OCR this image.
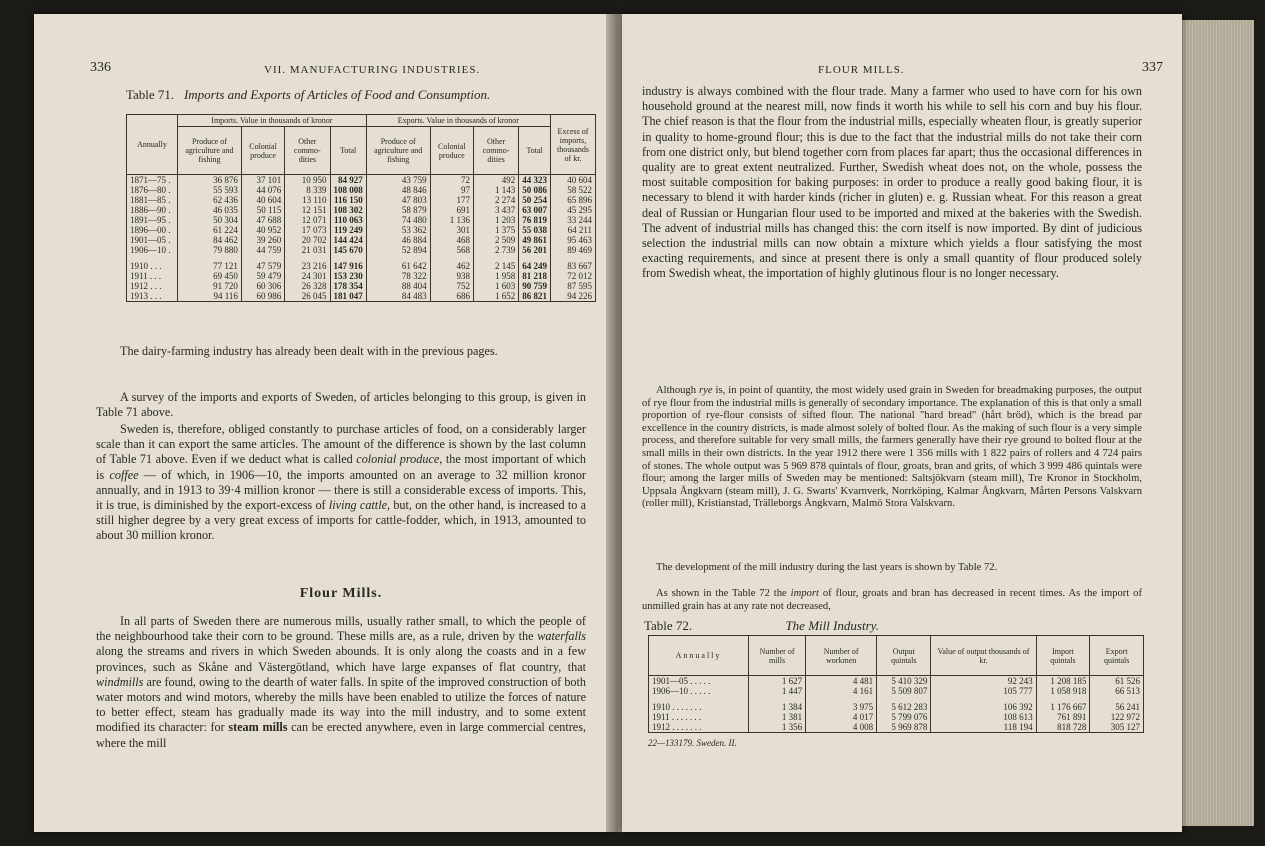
336	VII. MANUFACTURING INDUSTRIES.
Table 71. Imports and Exports of Articles of Food and Consumption.
Annually	Imports. Value in thousands of kronor				Exports. Value in thousands of kronor				Excess of imports, thousands of kr.
	Produce of agriculture and fishing	Colonial produce	Other commodities	Total	Produce of agriculture and fishing	Colonial produce	Other commodities	Total	
1871—75 .	36 876	37 101	10 950	84 927	43 759	72	492	44 323	40 604
1876—80 .	55 593	44 076	8 339	108 008	48 846	97	1 143	50 086	58 522
1881—85 .	62 436	40 604	13 110	116 150	47 803	177	2 274	50 254	65 896
1886—90 .	46 035	50 115	12 151	108 302	58 879	691	3 437	63 007	45 295
1891—95 .	50 304	47 688	12 071	110 063	74 480	1 136	1 203	76 819	33 244
1896—00 .	61 224	40 952	17 073	119 249	53 362	301	1 375	55 038	64 211
1901—05 .	84 462	39 260	20 702	144 424	46 884	468	2 509	49 861	95 463
1906—10 .	79 880	44 759	21 031	145 670	52 894	568	2 739	56 201	89 469

1910 . . .	77 121	47 579	23 216	147 916	61 642	462	2 145	64 249	83 667
1911 . . .	69 450	59 479	24 301	153 230	78 322	938	1 958	81 218	72 012
1912 . . .	91 720	60 306	26 328	178 354	88 404	752	1 603	90 759	87 595
1913 . . .	94 116	60 986	26 045	181 047	84 483	686	1 652	86 821	94 226
The dairy-farming industry has already been dealt with in the previous pages.
A survey of the imports and exports of Sweden, of articles belonging to this group, is given in Table 71 above.
Sweden is, therefore, obliged constantly to purchase articles of food, on a considerably larger scale than it can export the same articles. The amount of the difference is shown by the last column of Table 71 above. Even if we deduct what is called colonial produce, the most important of which is coffee — of which, in 1906—10, the imports amounted on an average to 32 million kronor annually, and in 1913 to 39·4 million kronor — there is still a considerable excess of imports. This, it is true, is diminished by the export-excess of living cattle, but, on the other hand, is increased to a still higher degree by a very great excess of imports for cattle-fodder, which, in 1913, amounted to about 30 million kronor.
Flour Mills.
In all parts of Sweden there are numerous mills, usually rather small, to which the people of the neighbourhood take their corn to be ground. These mills are, as a rule, driven by the waterfalls along the streams and rivers in which Sweden abounds. It is only along the coasts and in a few provinces, such as Skåne and Västergötland, which have large expanses of flat country, that windmills are found, owing to the dearth of water falls. In spite of the improved construction of both water motors and wind motors, whereby the mills have been enabled to utilize the forces of nature to better effect, steam has gradually made its way into the mill industry, and to some extent modified its character: for steam mills can be erected anywhere, even in large commercial centres, where the mill
FLOUR MILLS.	337
industry is always combined with the flour trade. Many a farmer who used to have corn for his own household ground at the nearest mill, now finds it worth his while to sell his corn and buy his flour. The chief reason is that the flour from the industrial mills, especially wheaten flour, is greatly superior in quality to home-ground flour; this is due to the fact that the industrial mills do not take their corn from one district only, but blend together corn from places far apart; thus the occasional differences in quality are to great extent neutralized. Further, Swedish wheat does not, on the whole, possess the most suitable composition for baking purposes: in order to produce a really good baking flour, it is necessary to blend it with harder kinds (richer in gluten) e. g. Russian wheat. For this reason a great deal of Russian or Hungarian flour used to be imported and mixed at the bakeries with the Swedish. The advent of industrial mills has changed this: the corn itself is now imported. By dint of judicious selection the industrial mills can now obtain a mixture which yields a flour satisfying the most exacting requirements, and since at present there is only a small quantity of flour produced solely from Swedish wheat, the importation of highly glutinous flour is no longer necessary.
Although rye is, in point of quantity, the most widely used grain in Sweden for breadmaking purposes, the output of rye flour from the industrial mills is generally of secondary importance. The explanation of this is that only a small proportion of rye-flour consists of sifted flour. The national "hard bread" (hårt bröd), which is the bread par excellence in the country districts, is made almost solely of bolted flour. As the making of such flour is a very simple process, and therefore suitable for very small mills, the farmers generally have their rye ground to bolted flour at the small mills in their own districts. In the year 1912 there were 1 356 mills with 1 822 pairs of rollers and 4 724 pairs of stones. The whole output was 5 969 878 quintals of flour, groats, bran and grits, of which 3 999 486 quintals were flour; among the larger mills of Sweden may be mentioned: Saltsjökvarn (steam mill), Tre Kronor in Stockholm, Uppsala Ångkvarn (steam mill), J. G. Swarts' Kvarnverk, Norrköping, Kalmar Ångkvarn, Mårten Persons Valskvarn (roller mill), Kristianstad, Trälleborgs Ångkvarn, Malmö Stora Valskvarn.
The development of the mill industry during the last years is shown by Table 72.
As shown in the Table 72 the import of flour, groats and bran has decreased in recent times. As the import of unmilled grain has at any rate not decreased,
Table 72.	The Mill Industry.
Annually	Number of mills	Number of workmen	Output quintals	Value of output thousands of kr.	Import quintals	Export quintals
1901—05 . . . . .	1 627	4 481	5 410 329	92 243	1 208 185	61 526
1906—10 . . . . .	1 447	4 161	5 509 807	105 777	1 058 918	66 513

1910 . . . . . . .	1 384	3 975	5 612 283	106 392	1 176 667	56 241
1911 . . . . . . .	1 381	4 017	5 799 076	108 613	761 891	122 972
1912 . . . . . . .	1 356	4 008	5 969 878	118 194	818 728	305 127
22—133179. Sweden. II.
